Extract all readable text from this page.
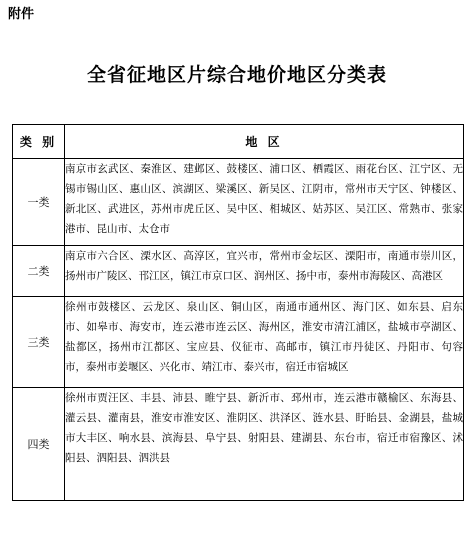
附件
全省征地区片综合地价地区分类表
类 别	地 区
一类	南京市玄武区、秦淮区、建邺区、鼓楼区、浦口区、栖霞区、雨花台区、江宁区、无锡市锡山区、惠山区、滨湖区、梁溪区、新吴区、江阴市，常州市天宁区、钟楼区、新北区、武进区，苏州市虎丘区、吴中区、相城区、姑苏区、吴江区、常熟市、张家港市、昆山市、太仓市
二类	南京市六合区、溧水区、高淳区，宜兴市，常州市金坛区、溧阳市，南通市崇川区，扬州市广陵区、邗江区，镇江市京口区、润州区、扬中市，泰州市海陵区、高港区
三类	徐州市鼓楼区、云龙区、泉山区、铜山区，南通市通州区、海门区、如东县、启东市、如皋市、海安市，连云港市连云区、海州区，淮安市清江浦区，盐城市亭湖区、盐都区，扬州市江都区、宝应县、仪征市、高邮市，镇江市丹徒区、丹阳市、句容市，泰州市姜堰区、兴化市、靖江市、泰兴市，宿迁市宿城区
四类	徐州市贾汪区、丰县、沛县、睢宁县、新沂市、邳州市，连云港市赣榆区、东海县、灌云县、灌南县，淮安市淮安区、淮阴区、洪泽区、涟水县、盱眙县、金湖县，盐城市大丰区、响水县、滨海县、阜宁县、射阳县、建湖县、东台市，宿迁市宿豫区、沭阳县、泗阳县、泗洪县
